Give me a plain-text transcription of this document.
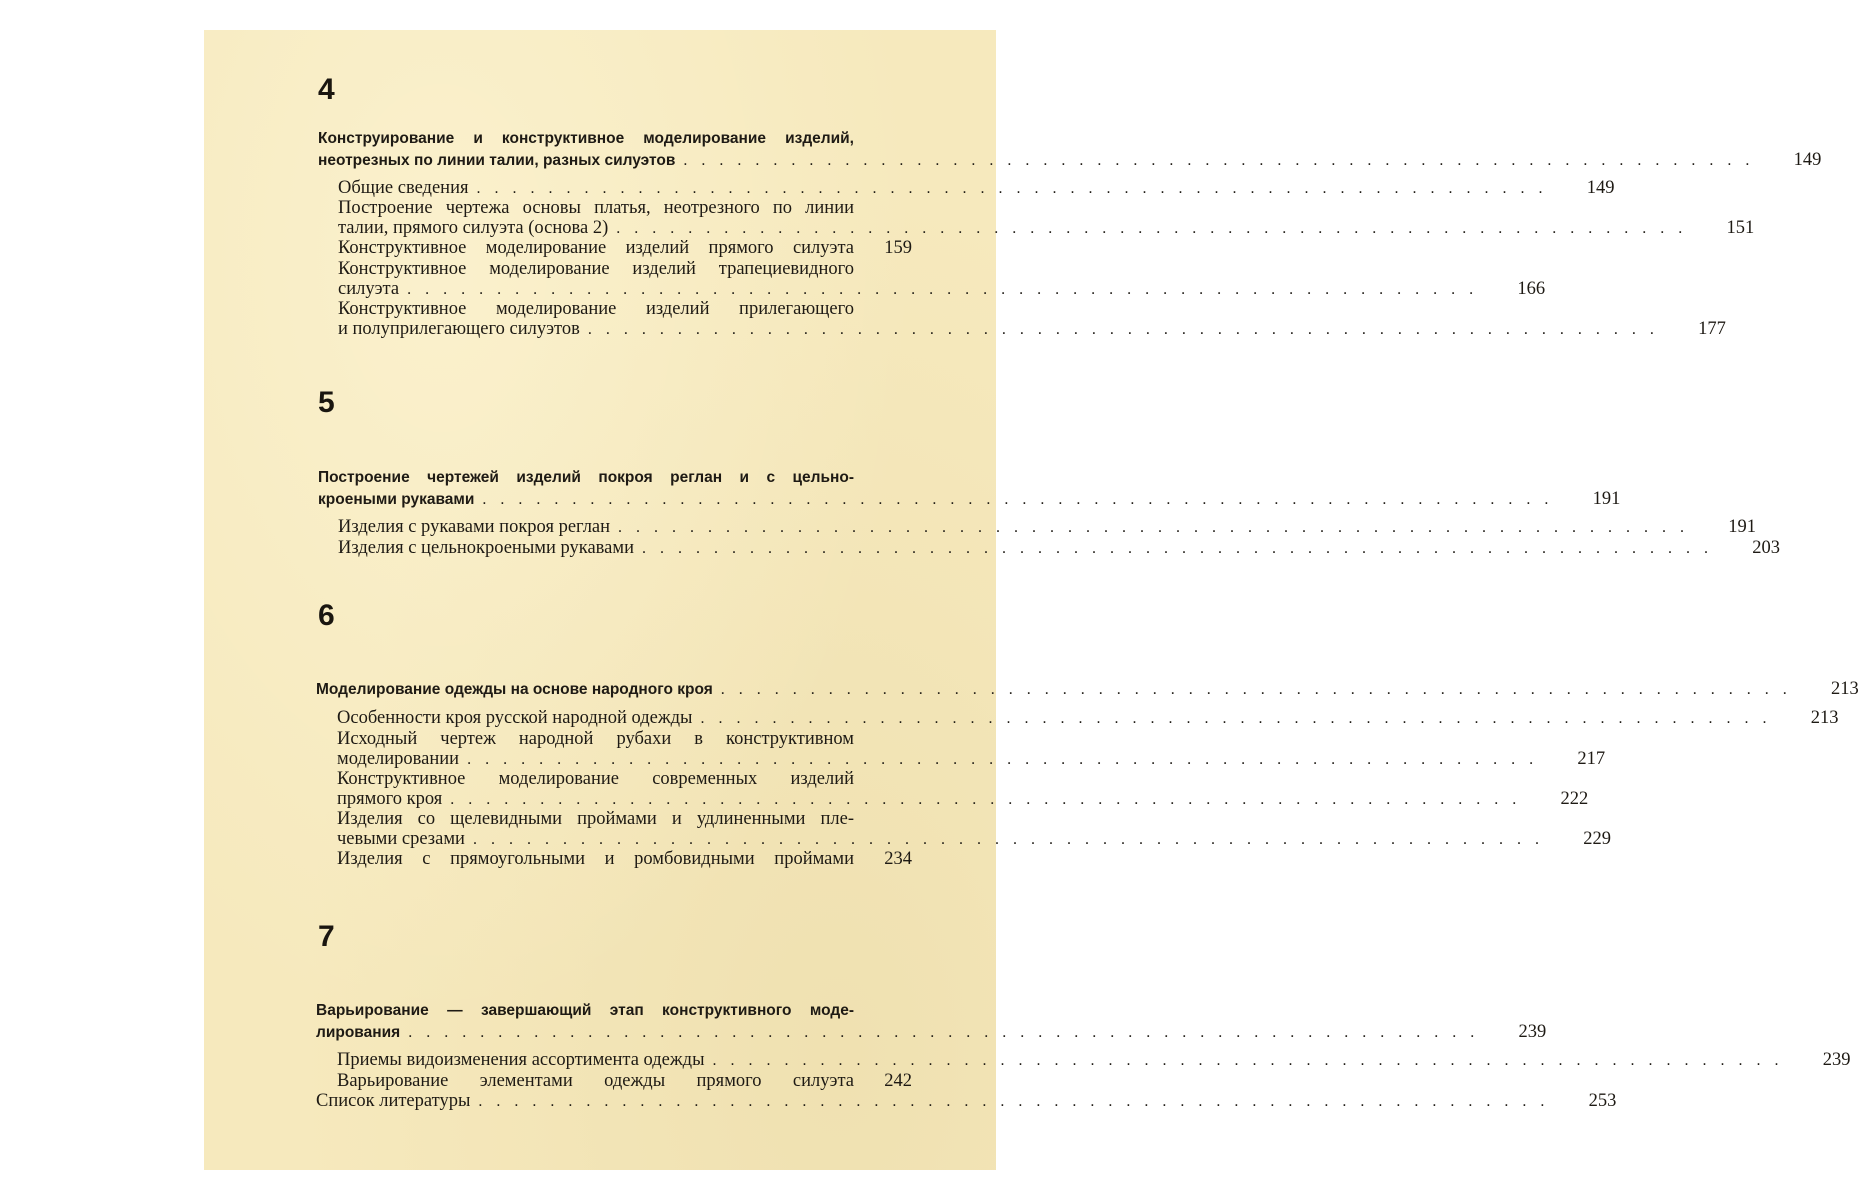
4
Конструирование и конструктивное моделирование изделий,
неотрезных по линии талии, разных силуэтов ............................................................	149
Общие сведения ............................................................	149
Построение чертежа основы платья, неотрезного по линии
талии, прямого силуэта (основа 2) ............................................................	151
Конструктивное моделирование изделий прямого силуэта	159
Конструктивное моделирование изделий трапециевидного
силуэта ............................................................	166
Конструктивное моделирование изделий прилегающего
и полуприлегающего силуэтов ............................................................	177
5
Построение чертежей изделий покроя реглан и с цельно-
кроеными рукавами ............................................................	191
Изделия с рукавами покроя реглан ............................................................	191
Изделия с цельнокроеными рукавами ............................................................	203
6
Моделирование одежды на основе народного кроя ............................................................	213
Особенности кроя русской народной одежды ............................................................	213
Исходный чертеж народной рубахи в конструктивном
моделировании ............................................................	217
Конструктивное моделирование современных изделий
прямого кроя ............................................................	222
Изделия со щелевидными проймами и удлиненными пле-
чевыми срезами ............................................................	229
Изделия с прямоугольными и ромбовидными проймами	234
7
Варьирование — завершающий этап конструктивного моде-
лирования ............................................................	239
Приемы видоизменения ассортимента одежды ............................................................	239
Варьирование элементами одежды прямого силуэта	242
Список литературы ............................................................	253
